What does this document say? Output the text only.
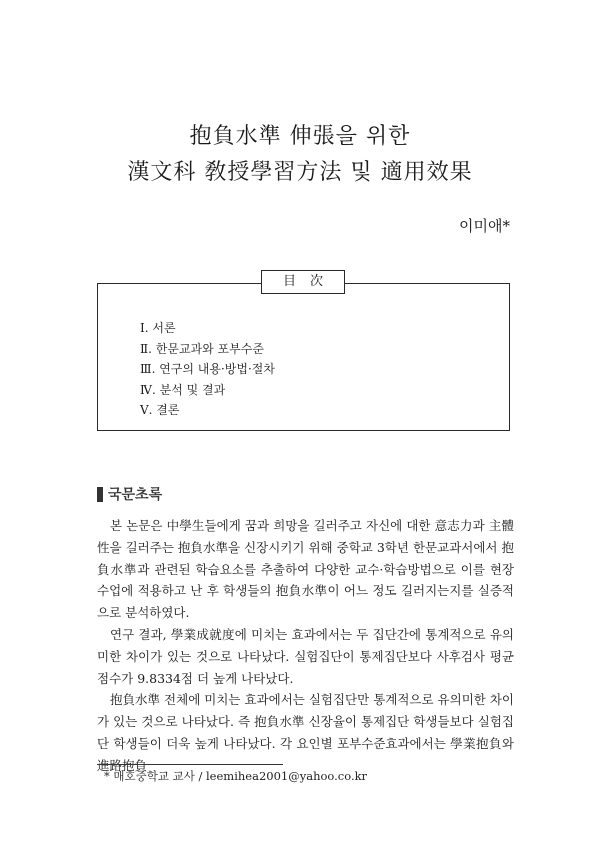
抱負水準 伸張을 위한
漢文科 敎授學習方法 및 適用效果
이미애*
目次
Ⅰ. 서론
Ⅱ. 한문교과와 포부수준
Ⅲ. 연구의 내용·방법·절차
Ⅳ. 분석 및 결과
Ⅴ. 결론
국문초록

본 논문은 中學生들에게 꿈과 희망을 길러주고 자신에 대한 意志力과 主體性을 길러주는 抱負水準을 신장시키기 위해 중학교 3학년 한문교과서에서 抱負水準과 관련된 학습요소를 추출하여 다양한 교수·학습방법으로 이를 현장수업에 적용하고 난 후 학생들의 抱負水準이 어느 정도 길러지는지를 실증적으로 분석하였다.

연구 결과, 學業成就度에 미치는 효과에서는 두 집단간에 통계적으로 유의미한 차이가 있는 것으로 나타났다. 실험집단이 통제집단보다 사후검사 평균점수가 9.8334점 더 높게 나타났다.

抱負水準 전체에 미치는 효과에서는 실험집단만 통계적으로 유의미한 차이가 있는 것으로 나타났다. 즉 抱負水準 신장율이 통제집단 학생들보다 실험집단 학생들이 더욱 높게 나타났다. 각 요인별 포부수준효과에서는 學業抱負와 進路抱負

* 매호중학교 교사 / leemihea2001@yahoo.co.kr
